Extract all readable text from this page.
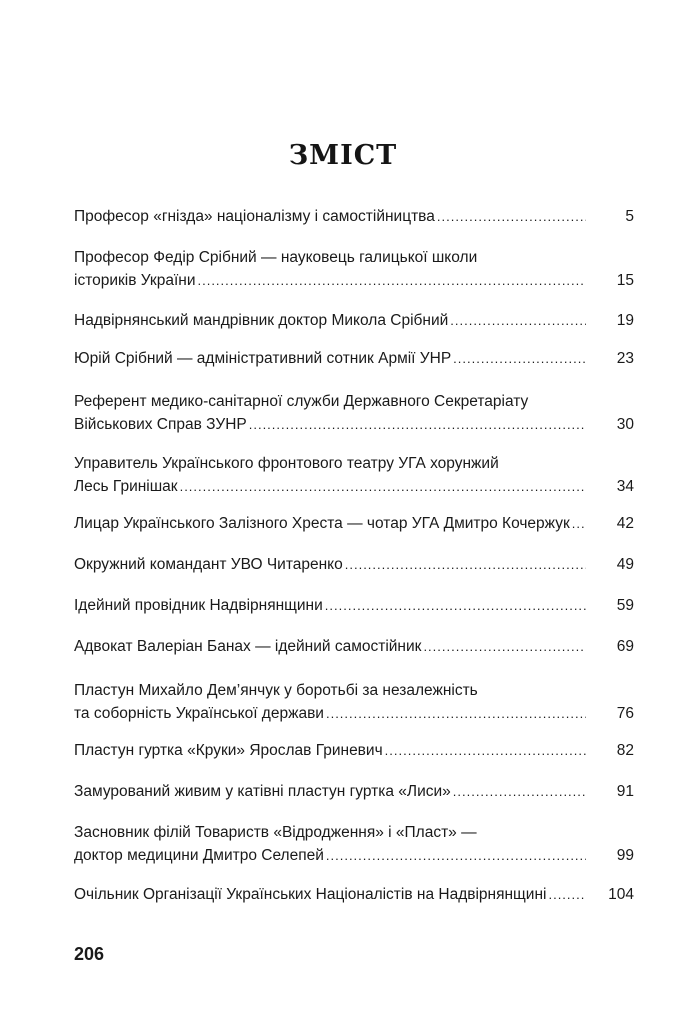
ЗМІСТ
Професор «гнізда» націоналізму і самостійництва .....	5
Професор Федір Срібний — науковець галицької школи
істориків України .....	15
Надвірнянський мандрівник доктор Микола Срібний .....	19
Юрій Срібний — адміністративний сотник Армії УНР .....	23
Референт медико-санітарної служби Державного Секретаріату
Військових Справ ЗУНР .....	30
Управитель Українського фронтового театру УГА хорунжий
Лесь Гринішак .....	34
Лицар Українського Залізного Хреста — чотар УГА Дмитро Кочержук .....	42
Окружний командант УВО Читаренко .....	49
Ідейний провідник Надвірнянщини .....	59
Адвокат Валеріан Банах — ідейний самостійник .....	69
Пластун Михайло Дем’янчук у боротьбі за незалежність
та соборність Української держави .....	76
Пластун гуртка «Круки» Ярослав Гриневич .....	82
Замурований живим у катівні пластун гуртка «Лиси» .....	91
Засновник філій Товариств «Відродження» і «Пласт» —
доктор медицини Дмитро Селепей .....	99
Очільник Організації Українських Націоналістів на Надвірнянщині .....	104
206
